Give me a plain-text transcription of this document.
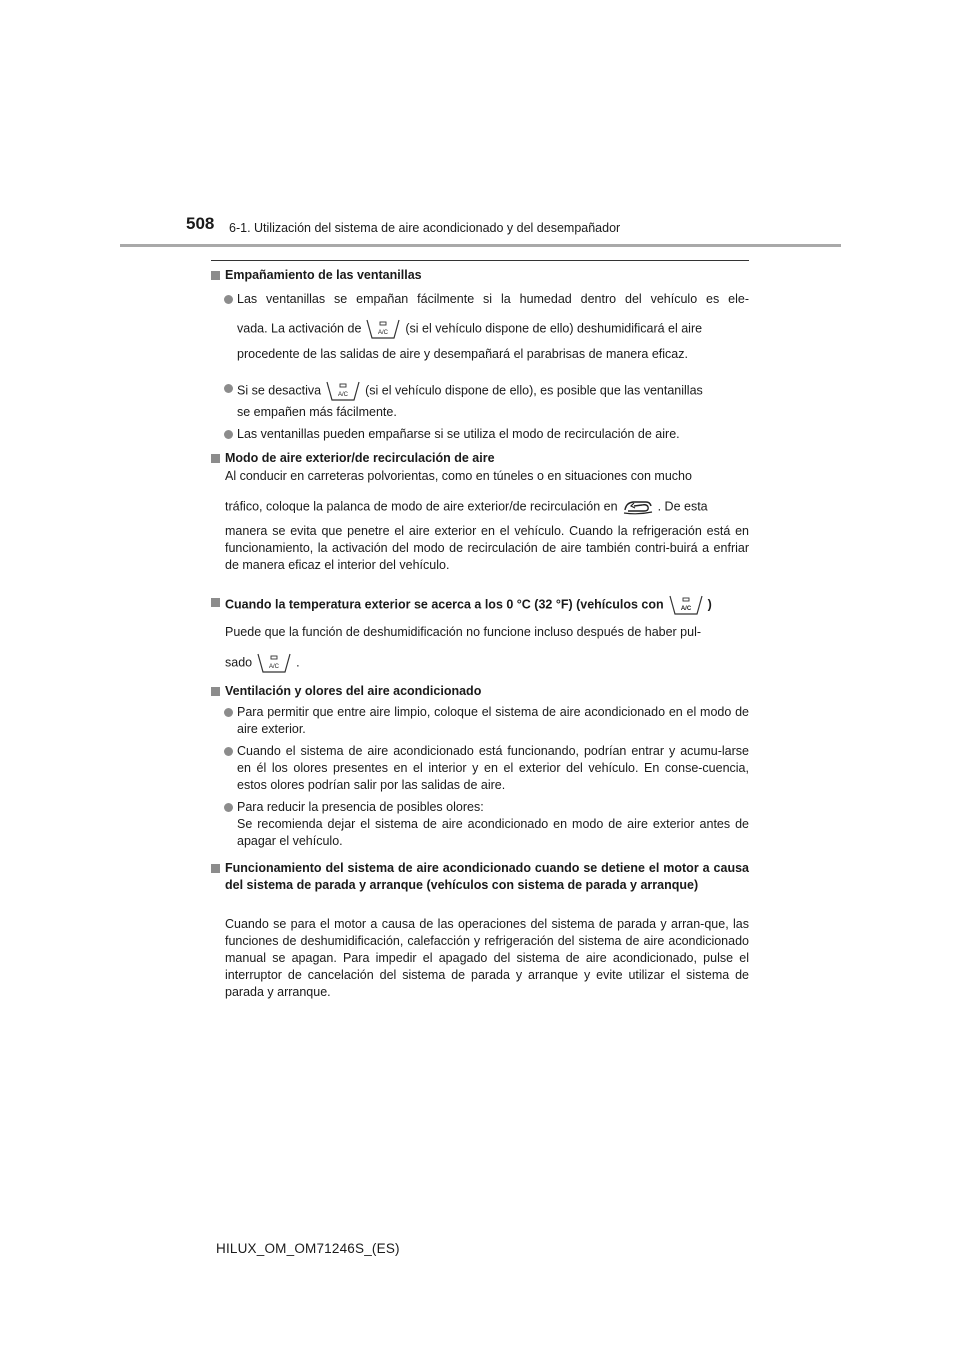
508 6-1. Utilización del sistema de aire acondicionado y del desempañador
Empañamiento de las ventanillas
Las ventanillas se empañan fácilmente si la humedad dentro del vehículo es ele-
vada. La activación de	(si el vehículo dispone de ello) deshumidificará el aire
procedente de las salidas de aire y desempañará el parabrisas de manera eficaz.
Si se desactiva	(si el vehículo dispone de ello), es posible que las ventanillas
se empañen más fácilmente.
Las ventanillas pueden empañarse si se utiliza el modo de recirculación de aire.
Modo de aire exterior/de recirculación de aire
Al conducir en carreteras polvorientas, como en túneles o en situaciones con mucho
tráfico, coloque la palanca de modo de aire exterior/de recirculación en	. De esta
manera se evita que penetre el aire exterior en el vehículo. Cuando la refrigeración está en funcionamiento, la activación del modo de recirculación de aire también contri-buirá a enfriar de manera eficaz el interior del vehículo.
Cuando la temperatura exterior se acerca a los 0 °C (32 °F) (vehículos con	)
Puede que la función de deshumidificación no funcione incluso después de haber pul-
sado	.
Ventilación y olores del aire acondicionado
Para permitir que entre aire limpio, coloque el sistema de aire acondicionado en el modo de aire exterior.
Cuando el sistema de aire acondicionado está funcionando, podrían entrar y acumu-larse en él los olores presentes en el interior y en el exterior del vehículo. En conse-cuencia, estos olores podrían salir por las salidas de aire.
Para reducir la presencia de posibles olores:
Se recomienda dejar el sistema de aire acondicionado en modo de aire exterior antes de apagar el vehículo.
Funcionamiento del sistema de aire acondicionado cuando se detiene el motor a causa del sistema de parada y arranque (vehículos con sistema de parada y arranque)
Cuando se para el motor a causa de las operaciones del sistema de parada y arran-que, las funciones de deshumidificación, calefacción y refrigeración del sistema de aire acondicionado manual se apagan. Para impedir el apagado del sistema de aire acondicionado, pulse el interruptor de cancelación del sistema de parada y arranque y evite utilizar el sistema de parada y arranque.
HILUX_OM_OM71246S_(ES)
